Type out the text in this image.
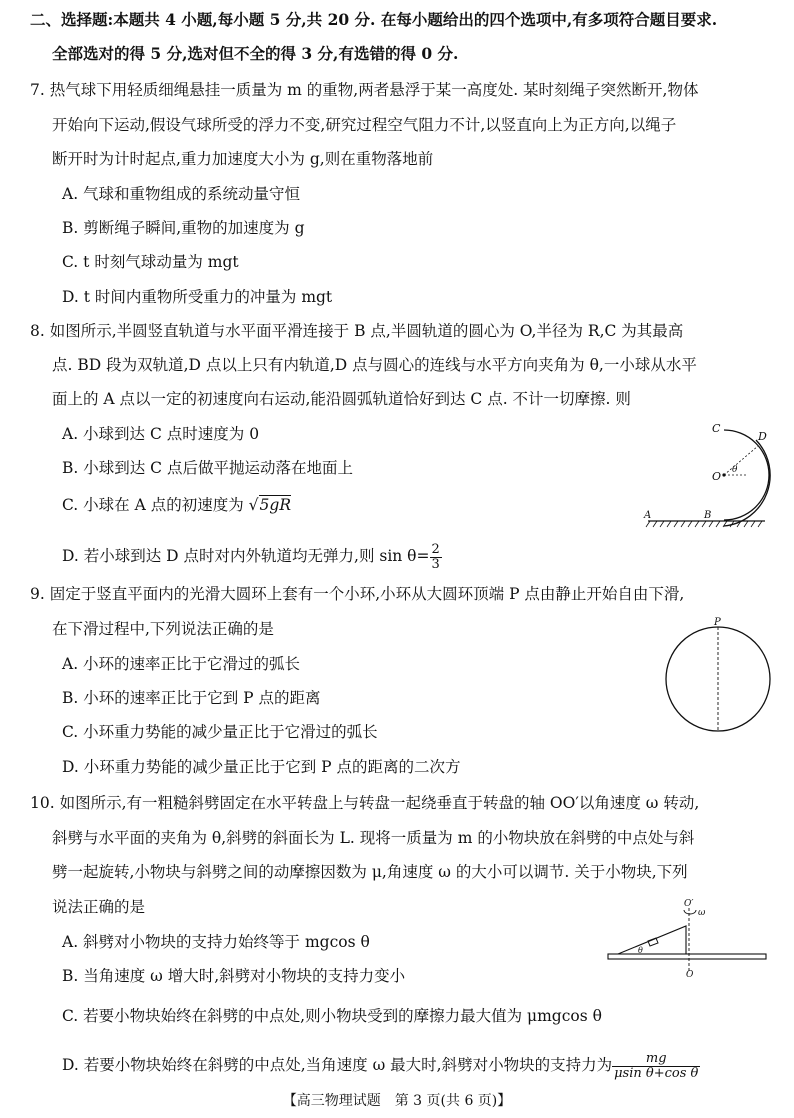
二、选择题:本题共 4 小题,每小题 5 分,共 20 分. 在每小题给出的四个选项中,有多项符合题目要求.
全部选对的得 5 分,选对但不全的得 3 分,有选错的得 0 分.
7. 热气球下用轻质细绳悬挂一质量为 m 的重物,两者悬浮于某一高度处. 某时刻绳子突然断开,物体
开始向下运动,假设气球所受的浮力不变,研究过程空气阻力不计,以竖直向上为正方向,以绳子
断开时为计时起点,重力加速度大小为 g,则在重物落地前
A. 气球和重物组成的系统动量守恒
B. 剪断绳子瞬间,重物的加速度为 g
C. t 时刻气球动量为 mgt
D. t 时间内重物所受重力的冲量为 mgt
8. 如图所示,半圆竖直轨道与水平面平滑连接于 B 点,半圆轨道的圆心为 O,半径为 R,C 为其最高
点. BD 段为双轨道,D 点以上只有内轨道,D 点与圆心的连线与水平方向夹角为 θ,一小球从水平
面上的 A 点以一定的初速度向右运动,能沿圆弧轨道恰好到达 C 点. 不计一切摩擦. 则
A. 小球到达 C 点时速度为 0
B. 小球到达 C 点后做平抛运动落在地面上
C. 小球在 A 点的初速度为 √5gR
D. 若小球到达 D 点时对内外轨道均无弹力,则 $\sin \theta= \frac{2}{3}$
C
D
O θ
A	B
9. 固定于竖直平面内的光滑大圆环上套有一个小环,小环从大圆环顶端 P 点由静止开始自由下滑,
在下滑过程中,下列说法正确的是
A. 小环的速率正比于它滑过的弧长
B. 小环的速率正比于它到 P 点的距离
C. 小环重力势能的减少量正比于它滑过的弧长
D. 小环重力势能的减少量正比于它到 P 点的距离的二次方
P
10. 如图所示,有一粗糙斜劈固定在水平转盘上与转盘一起绕垂直于转盘的轴 OO′以角速度 ω 转动,
斜劈与水平面的夹角为 θ,斜劈的斜面长为 L. 现将一质量为 m 的小物块放在斜劈的中点处与斜
劈一起旋转,小物块与斜劈之间的动摩擦因数为 μ,角速度 ω 的大小可以调节. 关于小物块,下列
说法正确的是
A. 斜劈对小物块的支持力始终等于 mgcos θ
B. 当角速度 ω 增大时,斜劈对小物块的支持力变小
C. 若要小物块始终在斜劈的中点处,则小物块受到的摩擦力最大值为 μmgcos θ
D. 若要小物块始终在斜劈的中点处,当角速度 ω 最大时,斜劈对小物块的支持力为 $\frac{mg}{\text{μsin θ+cos θ}}$
O′
ω
θ
O
【高三物理试题　第 3 页(共 6 页)】
